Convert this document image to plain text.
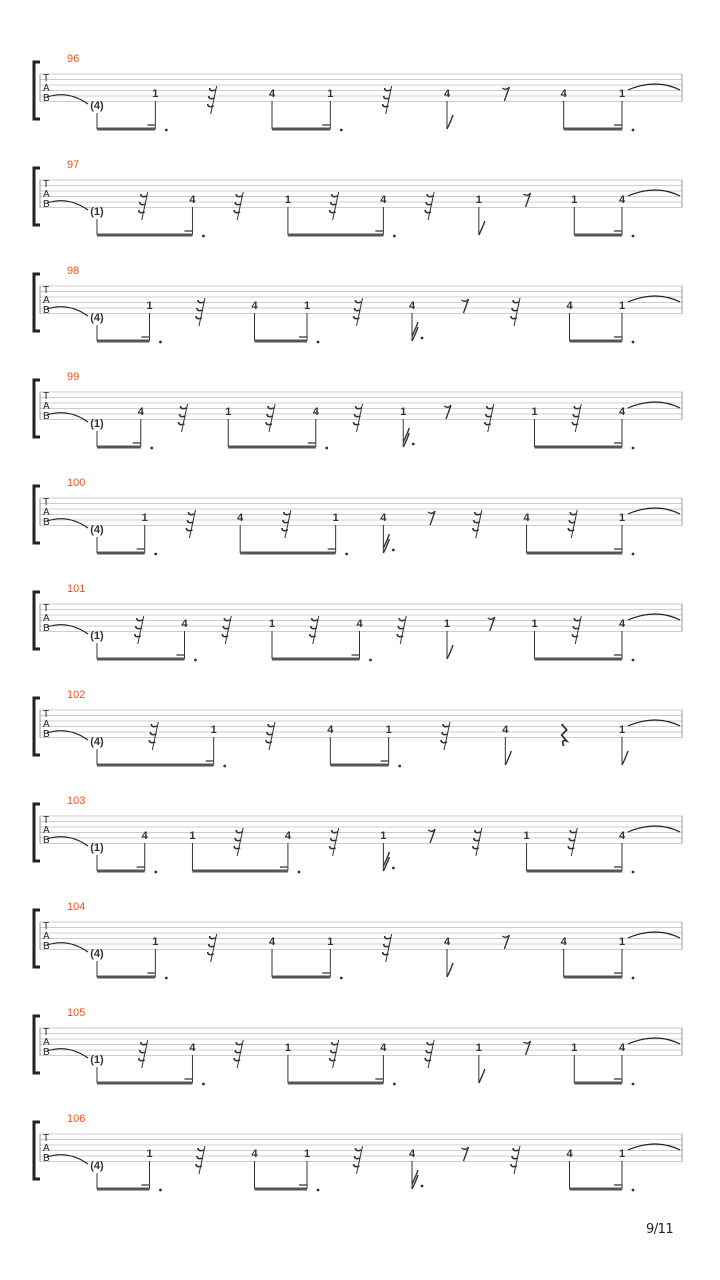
96
T
A
B
(4)
1	4	1	4	4	1
97
T
A
B
(1)
4	1	4	1	1	4
98
T
A
B
(4)
1	4	1	4	4	1
99
T
A
B
(1)
4	1	4	1	1	4
100
T
A
B
(4)
1	4	1	4	4	1
101
T
A
B
(1)
4	1	4	1	1	4
102
T
A
B
(4)
1	4	1	4	1
103
T
A
B
(1)
4	1	4	1	1	4
104
T
A
B
(4)
1	4	1	4	4	1
105
T
A
B
(1)
4	1	4	1	1	4
106
T
A
B
(4)
1	4	1	4	4	1
9/11
